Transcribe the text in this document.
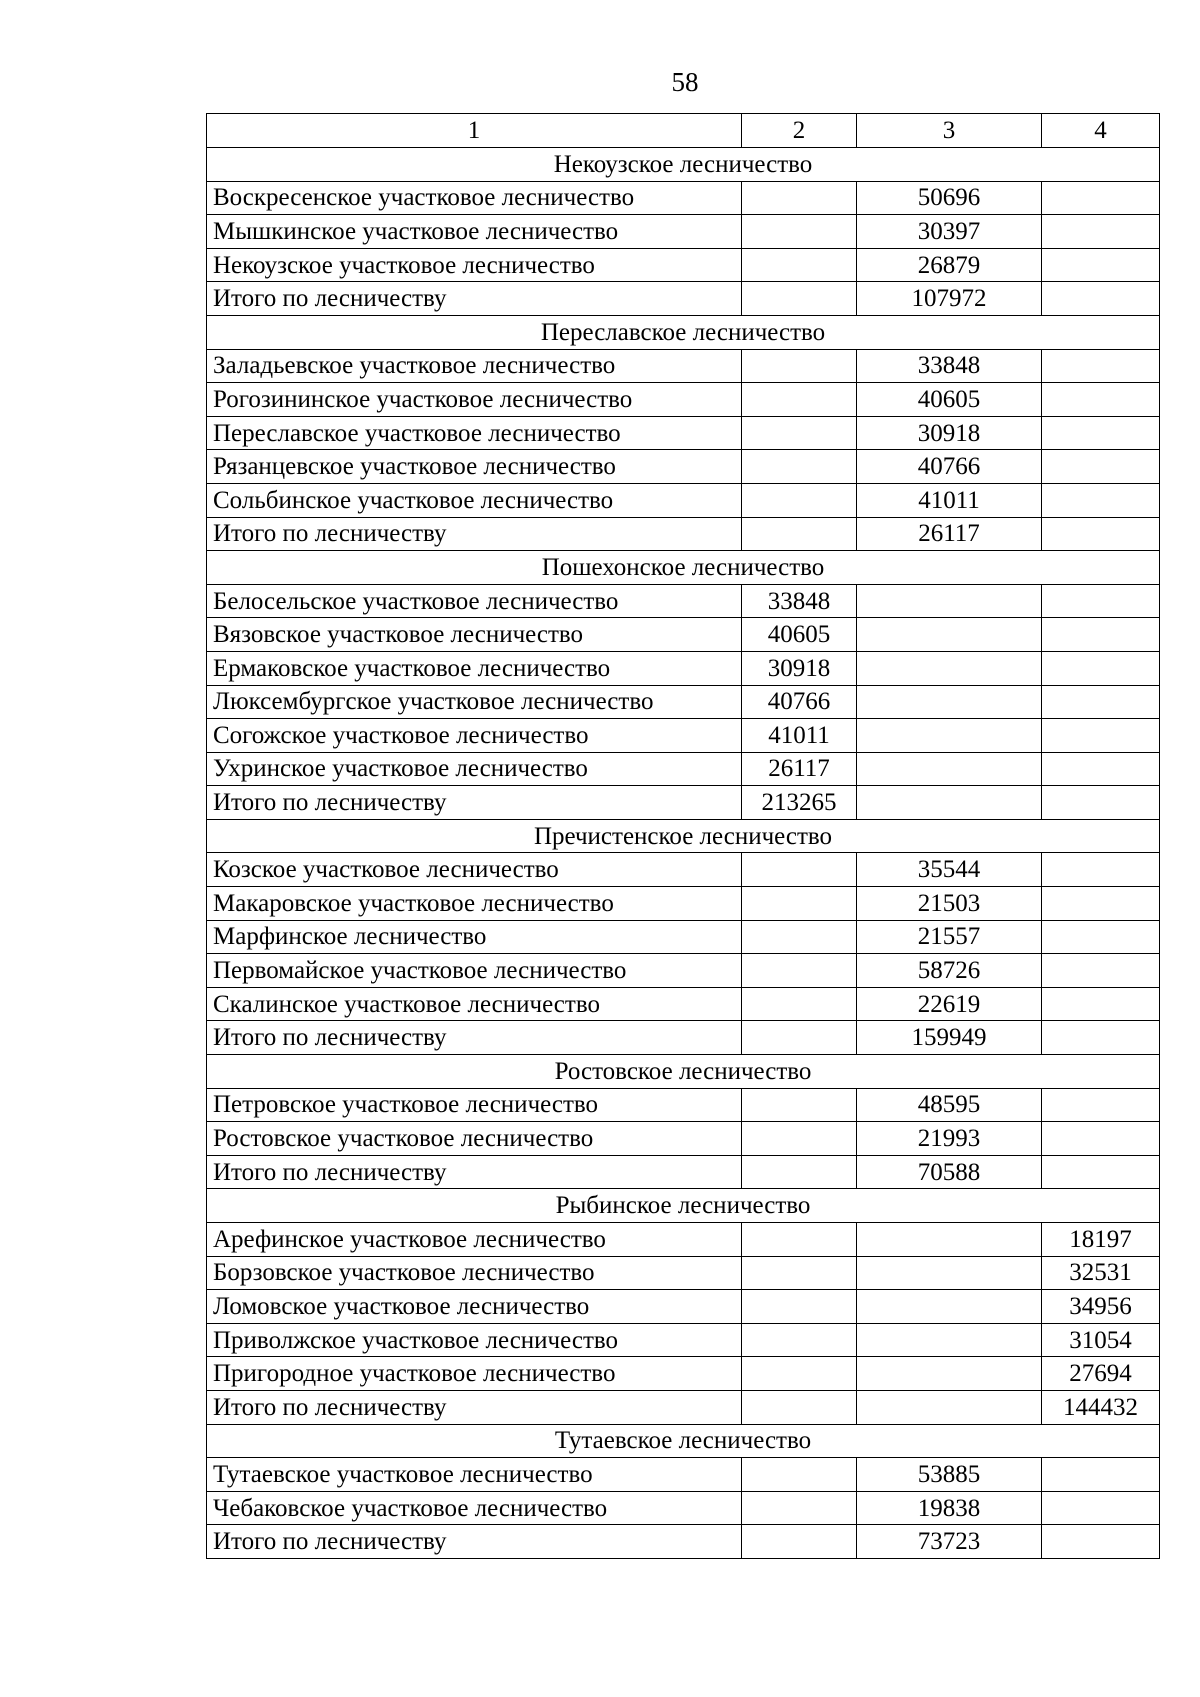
58
1	2	3	4
Некоузское лесничество			
Воскресенское участковое лесничество		50696	
Мышкинское участковое лесничество		30397	
Некоузское участковое лесничество		26879	
Итого по лесничеству		107972	
Переславское лесничество			
Заладьевское участковое лесничество		33848	
Рогозининское участковое лесничество		40605	
Переславское участковое лесничество		30918	
Рязанцевское участковое лесничество		40766	
Сольбинское участковое лесничество		41011	
Итого по лесничеству		26117	
Пошехонское лесничество			
Белосельское участковое лесничество	33848		
Вязовское участковое лесничество	40605		
Ермаковское участковое лесничество	30918		
Люксембургское участковое лесничество	40766		
Согожское участковое лесничество	41011		
Ухринское участковое лесничество	26117		
Итого по лесничеству	213265		
Пречистенское лесничество			
Козское участковое лесничество		35544	
Макаровское участковое лесничество		21503	
Марфинское лесничество		21557	
Первомайское участковое лесничество		58726	
Скалинское участковое лесничество		22619	
Итого по лесничеству		159949	
Ростовское лесничество			
Петровское участковое лесничество		48595	
Ростовское участковое лесничество		21993	
Итого по лесничеству		70588	
Рыбинское лесничество			
Арефинское участковое лесничество			18197
Борзовское участковое лесничество			32531
Ломовское участковое лесничество			34956
Приволжское участковое лесничество			31054
Пригородное участковое лесничество			27694
Итого по лесничеству			144432
Тутаевское лесничество			
Тутаевское участковое лесничество		53885	
Чебаковское участковое лесничество		19838	
Итого по лесничеству		73723	
